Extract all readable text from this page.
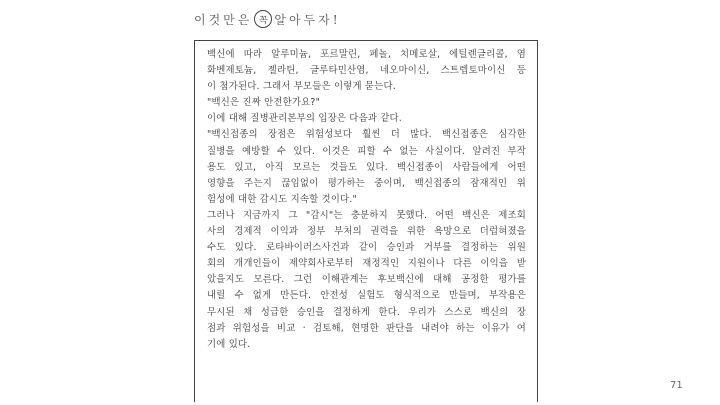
이것만은 꼭 알아두자!
백신에 따라 알루미늄, 포르말린, 페놀, 치메로살, 에틸렌글리콜, 염
화벤제토늄, 젤라틴, 글루타민산염, 네오마이신, 스트렙토마이신 등
이 첨가된다. 그래서 부모들은 이렇게 묻는다.
"백신은 진짜 안전한가요?"
이에 대해 질병관리본부의 입장은 다음과 같다.
"백신접종의 장점은 위험성보다 훨씬 더 많다. 백신접종은 심각한
질병을 예방할 수 있다. 이것은 피할 수 없는 사실이다. 알려진 부작
용도 있고, 아직 모르는 것들도 있다. 백신접종이 사람들에게 어떤
영향을 주는지 끊임없이 평가하는 중이며, 백신접종의 잠재적인 위
험성에 대한 감시도 지속할 것이다."
그러나 지금까지 그 "감시"는 충분하지 못했다. 어떤 백신은 제조회
사의 경제적 이익과 정부 부처의 권력을 위한 욕망으로 더럽혀졌을
수도 있다. 로타바이러스사건과 같이 승인과 거부를 결정하는 위원
회의 개개인들이 제약회사로부터 재정적인 지원이나 다른 이익을 받
았을지도 모른다. 그런 이해관계는 후보백신에 대해 공정한 평가를
내릴 수 없게 만든다. 안전성 실험도 형식적으로 만들며, 부작용은
무시된 채 성급한 승인을 결정하게 한다. 우리가 스스로 백신의 장
점과 위험성을 비교 · 검토해, 현명한 판단을 내려야 하는 이유가 여
기에 있다.
71
